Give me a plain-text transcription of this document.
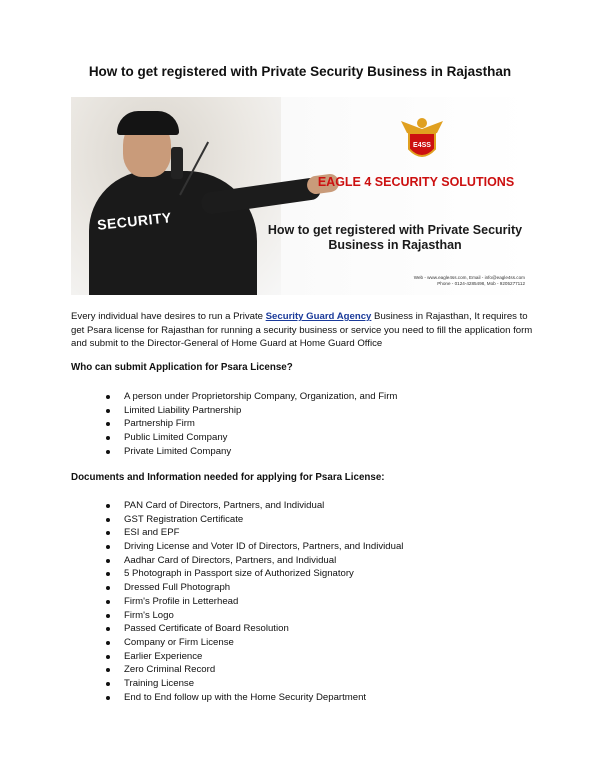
How to get registered with Private Security Business in Rajasthan
SECURITY
E4SS
EAGLE 4 SECURITY SOLUTIONS
How to get registered with Private Security Business in Rajasthan
Web - www.eagle4ss.com, Email - info@eagle4ss.com
Phone - 0124-4285498, Mob - 9205277112
Every individual have desires to run a Private Security Guard Agency Business in Rajasthan, It requires to get Psara license for Rajasthan for running a security business or service you need to fill the application form and submit to the Director-General of Home Guard at Home Guard Office
Who can submit Application for Psara License?
A person under Proprietorship Company, Organization, and Firm
Limited Liability Partnership
Partnership Firm
Public Limited Company
Private Limited Company
Documents and Information needed for applying for Psara License:
PAN Card of Directors, Partners, and Individual
GST Registration Certificate
ESI and EPF
Driving License and Voter ID of Directors, Partners, and Individual
Aadhar Card of Directors, Partners, and Individual
5 Photograph in Passport size of Authorized Signatory
Dressed Full Photograph
Firm's Profile in Letterhead
Firm's Logo
Passed Certificate of Board Resolution
Company or Firm License
Earlier Experience
Zero Criminal Record
Training License
End to End follow up with the Home Security Department
